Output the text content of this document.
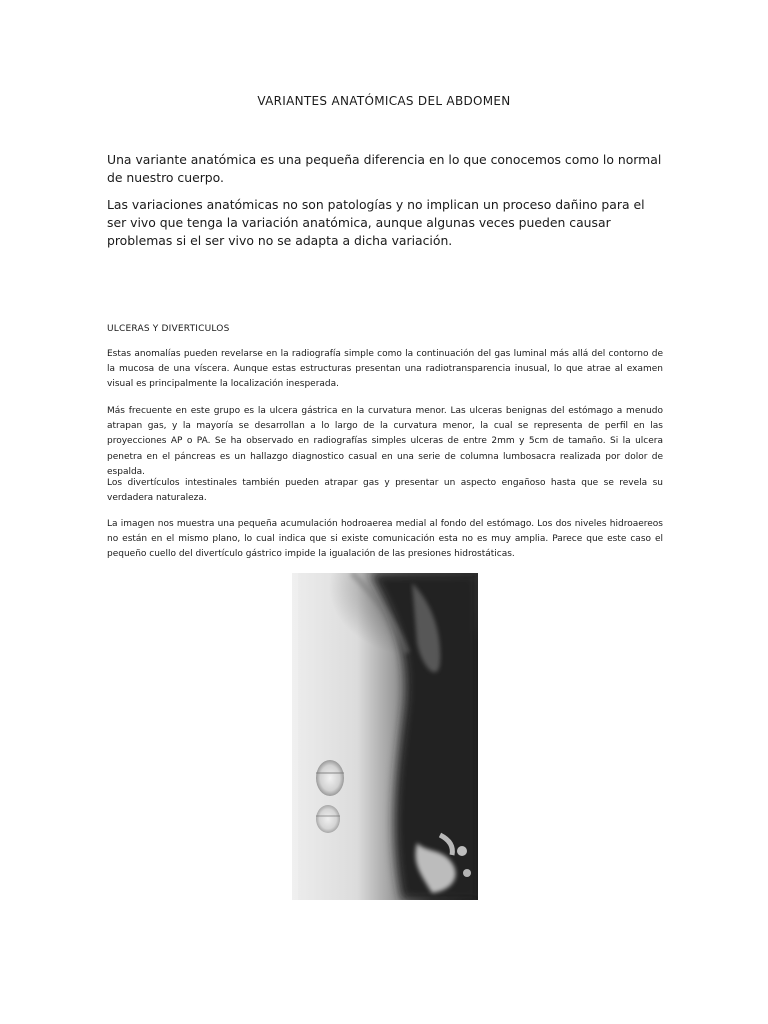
VARIANTES ANATÓMICAS DEL ABDOMEN

Una variante anatómica es una pequeña diferencia en lo que conocemos como lo normal de nuestro cuerpo.

Las variaciones anatómicas no son patologías y no implican un proceso dañino para el ser vivo que tenga la variación anatómica, aunque algunas veces pueden causar problemas si el ser vivo no se adapta a dicha variación.

ULCERAS Y DIVERTICULOS

Estas anomalías pueden revelarse en la radiografía simple como la continuación del gas luminal más allá del contorno de la mucosa de una víscera. Aunque estas estructuras presentan una radiotransparencia inusual, lo que atrae al examen visual es principalmente la localización inesperada.

Más frecuente en este grupo es la ulcera gástrica en la curvatura menor. Las ulceras benignas del estómago a menudo atrapan gas, y la mayoría se desarrollan a lo largo de la curvatura menor, la cual se representa de perfil en las proyecciones AP o PA. Se ha observado en radiografías simples ulceras de entre 2mm y 5cm de tamaño. Si la ulcera penetra en el páncreas es un hallazgo diagnostico casual en una serie de columna lumbosacra realizada por dolor de espalda.

Los divertículos intestinales también pueden atrapar gas y presentar un aspecto engañoso hasta que se revela su verdadera naturaleza.

La imagen nos muestra una pequeña acumulación hodroaerea medial al fondo del estómago. Los dos niveles hidroaereos no están en el mismo plano, lo cual indica que si existe comunicación esta no es muy amplia. Parece que este caso el pequeño cuello del divertículo gástrico impide la igualación de las presiones hidrostáticas.
